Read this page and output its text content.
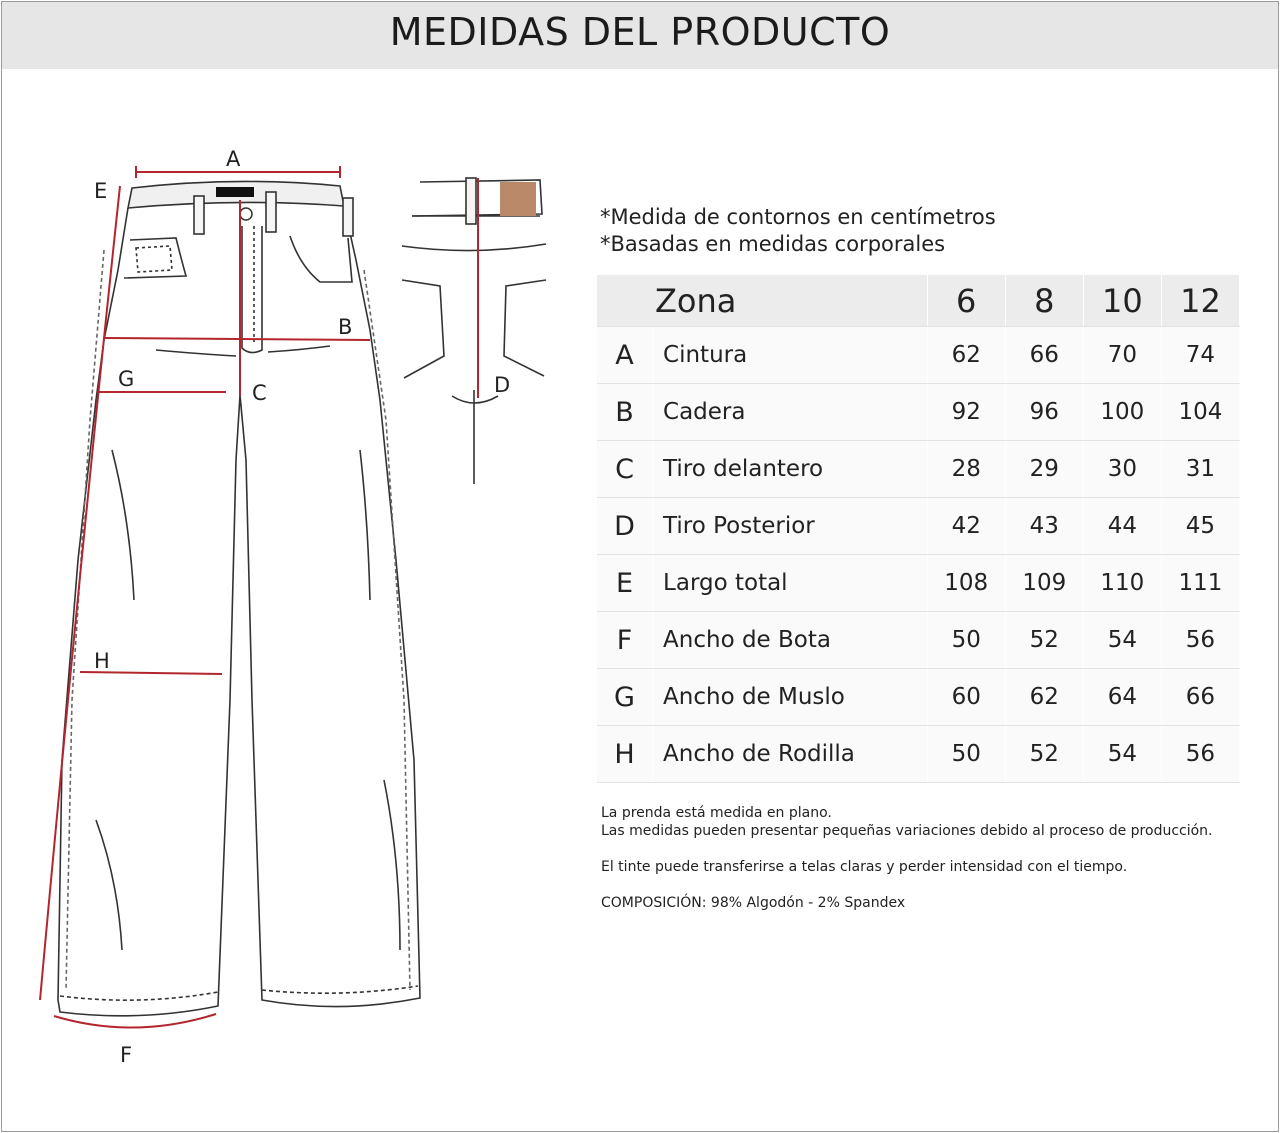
MEDIDAS DEL PRODUCTO
A
B
C	D
E
F
G
H
*Medida de contornos en centímetros
*Basadas en medidas corporales
Zona		6	8	10	12
A	Cintura	62	66	70	74
B	Cadera	92	96	100	104
C	Tiro delantero	28	29	30	31
D	Tiro Posterior	42	43	44	45
E	Largo total	108	109	110	111
F	Ancho de Bota	50	52	54	56
G	Ancho de Muslo	60	62	64	66
H	Ancho de Rodilla	50	52	54	56
La prenda está medida en plano.
Las medidas pueden presentar pequeñas variaciones debido al proceso de producción.
El tinte puede transferirse a telas claras y perder intensidad con el tiempo.
COMPOSICIÓN: 98% Algodón - 2% Spandex
